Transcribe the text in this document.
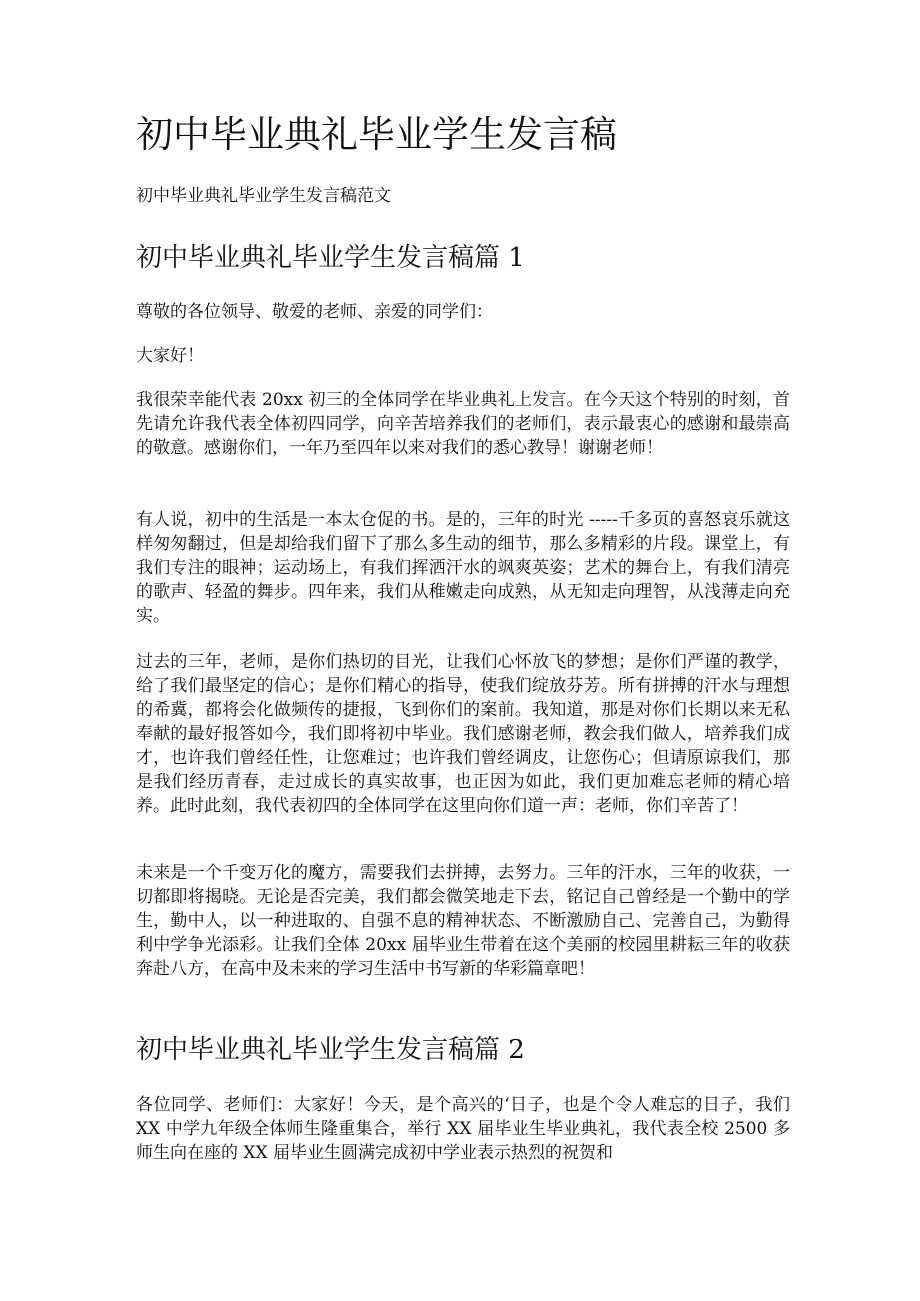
初中毕业典礼毕业学生发言稿

初中毕业典礼毕业学生发言稿范文

初中毕业典礼毕业学生发言稿篇 1

尊敬的各位领导、敬爱的老师、亲爱的同学们：

大家好！

我很荣幸能代表 20xx 初三的全体同学在毕业典礼上发言。在今天这个特别的时刻，首先请允许我代表全体初四同学，向辛苦培养我们的老师们，表示最衷心的感谢和最崇高的敬意。感谢你们，一年乃至四年以来对我们的悉心教导！谢谢老师！

有人说，初中的生活是一本太仓促的书。是的，三年的时光 -----千多页的喜怒哀乐就这样匆匆翻过，但是却给我们留下了那么多生动的细节，那么多精彩的片段。课堂上，有我们专注的眼神；运动场上，有我们挥洒汗水的飒爽英姿；艺术的舞台上，有我们清亮的歌声、轻盈的舞步。四年来，我们从稚嫩走向成熟，从无知走向理智，从浅薄走向充实。

过去的三年，老师，是你们热切的目光，让我们心怀放飞的梦想；是你们严谨的教学，给了我们最坚定的信心；是你们精心的指导，使我们绽放芬芳。所有拼搏的汗水与理想的希冀，都将会化做频传的捷报，飞到你们的案前。我知道，那是对你们长期以来无私奉献的最好报答如今，我们即将初中毕业。我们感谢老师，教会我们做人，培养我们成才，也许我们曾经任性，让您难过；也许我们曾经调皮，让您伤心；但请原谅我们，那是我们经历青春，走过成长的真实故事，也正因为如此，我们更加难忘老师的精心培养。此时此刻，我代表初四的全体同学在这里向你们道一声：老师，你们辛苦了！

未来是一个千变万化的魔方，需要我们去拼搏，去努力。三年的汗水，三年的收获，一切都即将揭晓。无论是否完美，我们都会微笑地走下去，铭记自己曾经是一个勤中的学生，勤中人，以一种进取的、自强不息的精神状态、不断激励自己、完善自己，为勤得利中学争光添彩。让我们全体 20xx 届毕业生带着在这个美丽的校园里耕耘三年的收获奔赴八方，在高中及未来的学习生活中书写新的华彩篇章吧！

初中毕业典礼毕业学生发言稿篇 2

各位同学、老师们：大家好！今天，是个高兴的‘日子，也是个令人难忘的日子，我们 XX 中学九年级全体师生隆重集合，举行 XX 届毕业生毕业典礼，我代表全校 2500 多师生向在座的 XX 届毕业生圆满完成初中学业表示热烈的祝贺和
